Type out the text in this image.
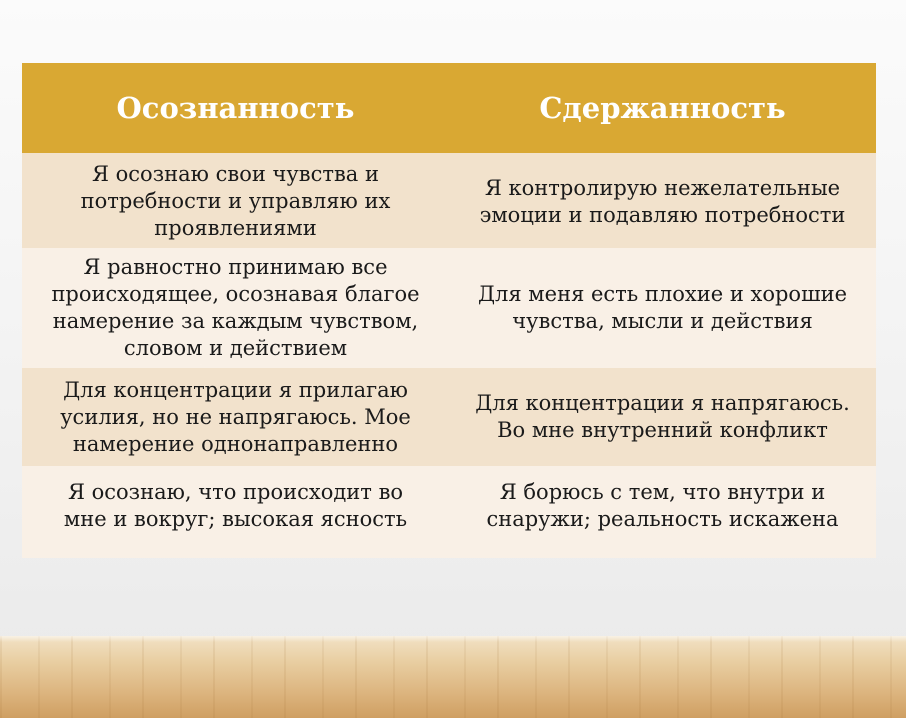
Осознанность	Сдержанность
Я осознаю свои чувства и потребности и управляю их проявлениями
Я контролирую нежелательные эмоции и подавляю потребности
Я равностно принимаю все происходящее, осознавая благое намерение за каждым чувством, словом и действием
Для меня есть плохие и хорошие чувства, мысли и действия
Для концентрации я прилагаю усилия, но не напрягаюсь. Мое намерение однонаправленно
Для концентрации я напрягаюсь. Во мне внутренний конфликт
Я осознаю, что происходит во мне и вокруг; высокая ясность
Я борюсь с тем, что внутри и снаружи; реальность искажена
